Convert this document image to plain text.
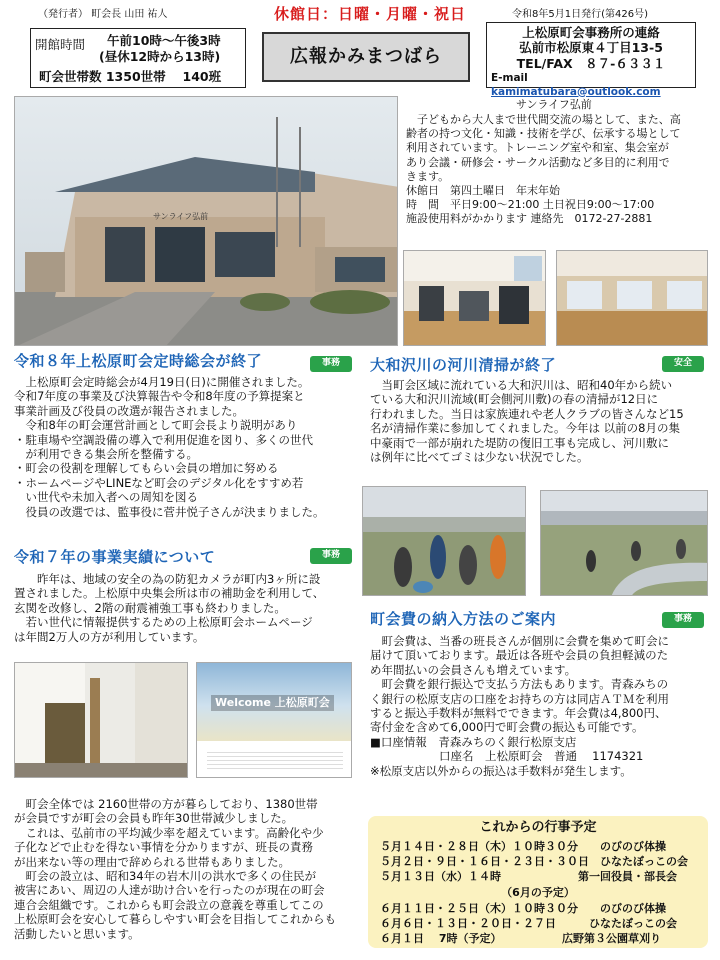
（発行者） 町会長 山田 祐人	休館日：日曜・月曜・祝日	令和8年5月1日発行(第426号)
開館時間 午前10時～午後3時
(昼休12時から13時)
町会世帯数 1350世帯　 140班
広報かみまつばら
上松原町会事務所の連絡
弘前市松原東４丁目13-5
TEL/FAX　８７-６３３１
E-mail kamimatubara@outlook.com
サンライフ弘前
サンライフ弘前
　子どもから大人まで世代間交流の場として、また、高
齢者の持つ文化・知識・技術を学び、伝承する場として
利用されています。トレーニング室や和室、集会室が
あり会議・研修会・サークル活動など多目的に利用で
きます。
休館日　第四土曜日　年末年始
時　間　平日9:00～21:00 土日祝日9:00～17:00
施設使用料がかかります 連絡先　0172-27-2881
令和８年上松原町会定時総会が終了	事務
　上松原町会定時総会が4月19日(日)に開催されました。
令和7年度の事業及び決算報告や令和8年度の予算提案と
事業計画及び役員の改選が報告されました。
　令和8年の町会運営計画として町会長より説明があり
・駐車場や空調設備の導入で利用促進を図り、多くの世代
　が利用できる集会所を整備する。
・町会の役割を理解してもらい会員の増加に努める
・ホームページやLINEなど町会のデジタル化をすすめ若
　い世代や未加入者への周知を図る
　役員の改選では、監事役に菅井悦子さんが決まりました。
令和７年の事業実績について	事務
　　昨年は、地域の安全の為の防犯カメラが町内3ヶ所に設
置されました。上松原中央集会所は市の補助金を利用して、
玄関を改修し、2階の耐震補強工事も終わりました。
　若い世代に情報提供するための上松原町会ホームページ
は年間2万人の方が利用しています。
Welcome 上松原町会
　町会全体では 2160世帯の方が暮らしており、1380世帯
が会員ですが町会の会員も昨年30世帯減少しました。
　これは、弘前市の平均減少率を超えています。高齢化や少
子化などで止むを得ない事情を分かりますが、班長の責務
が出来ない等の理由で辞められる世帯もありました。
　町会の設立は、昭和34年の岩木川の洪水で多くの住民が
被害にあい、周辺の人達が助け合いを行ったのが現在の町会
連合会組織です。これからも町会設立の意義を尊重してこの
上松原町会を安心して暮らしやすい町会を目指してこれからも
活動したいと思います。
大和沢川の河川清掃が終了	安全
　当町会区域に流れている大和沢川は、昭和40年から続い
ている大和沢川流域(町会側河川敷)の春の清掃が12日に
行われました。当日は家族連れや老人クラブの皆さんなど15
名が清掃作業に参加してくれました。今年は 以前の8月の集
中豪雨で一部が崩れた堤防の復旧工事も完成し、河川敷に
は例年に比べてゴミは少ない状況でした。
町会費の納入方法のご案内	事務
　町会費は、当番の班長さんが個別に会費を集めて町会に
届けて頂いております。最近は各班や会員の負担軽減のた
め年間払いの会員さんも増えています。
　町会費を銀行振込で支払う方法もあります。青森みちの
く銀行の松原支店の口座をお持ちの方は同店ＡＴＭを利用
すると振込手数料が無料でできます。年会費は4,800円、
寄付金を含めて6,000円で町会費の振込も可能です。
■口座情報　青森みちのく銀行松原支店
　　　　　　口座名　上松原町会　普通　 1174321
※松原支店以外からの振込は手数料が発生します。
これからの行事予定
５月１４日・２８日（木）１０時３０分　　のびのび体操
５月２日・９日・１６日・２３日・３０日　ひなたぼっこの会
５月１３日（水）１４時　　　　　　　第一回役員・部長会
（6月の予定）
６月１１日・２５日（木）１０時３０分　　のびのび体操
６月６日・１３日・２０日・２７日　　　ひなたぼっこの会
６月１日　 7時（予定）　　　　　　広野第３公園草刈り
